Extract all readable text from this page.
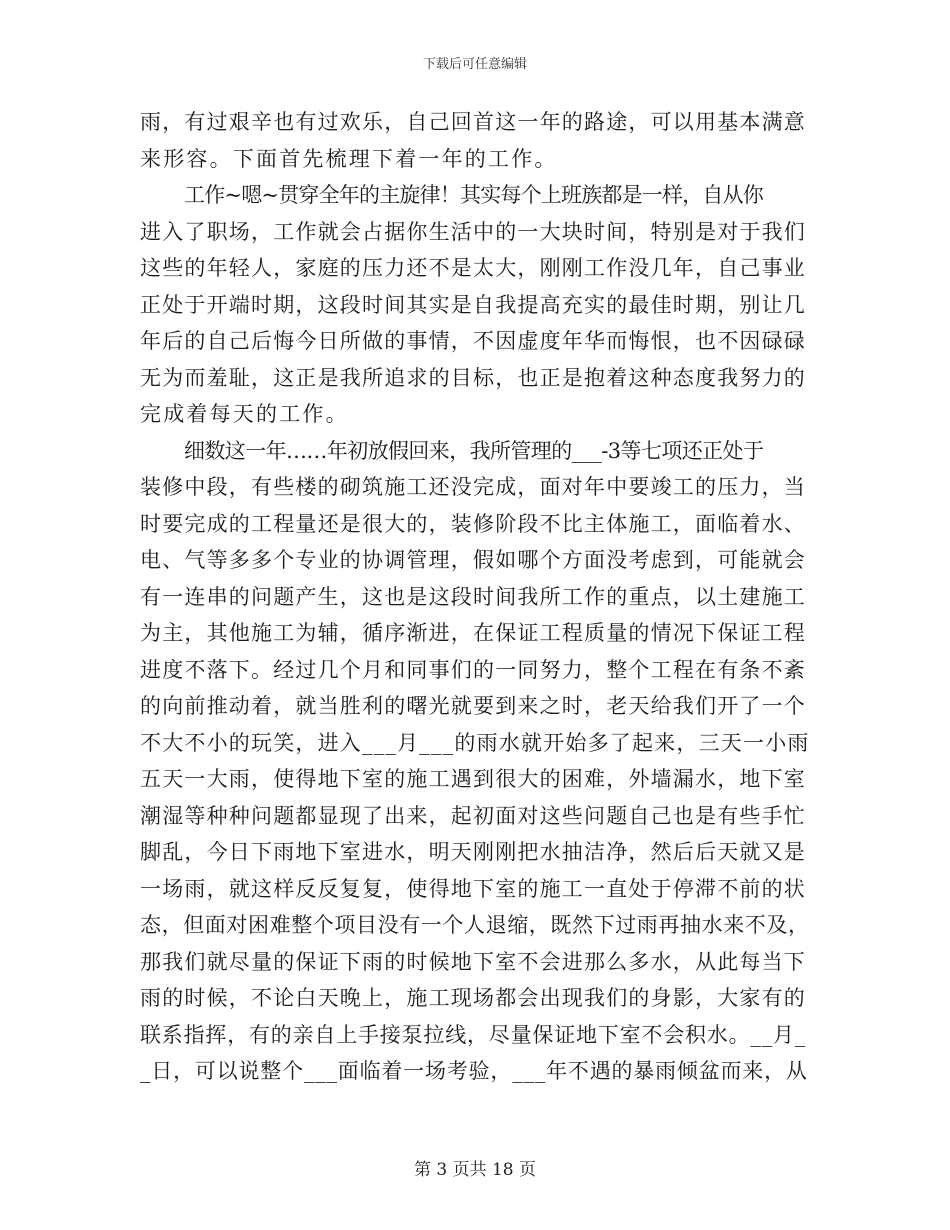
下载后可任意编辑
雨，有过艰辛也有过欢乐，自己回首这一年的路途，可以用基本满意
来形容。下面首先梳理下着一年的工作。
工作~嗯~贯穿全年的主旋律！其实每个上班族都是一样，自从你
进入了职场，工作就会占据你生活中的一大块时间，特别是对于我们
这些的年轻人，家庭的压力还不是太大，刚刚工作没几年，自己事业
正处于开端时期，这段时间其实是自我提高充实的最佳时期，别让几
年后的自己后悔今日所做的事情，不因虚度年华而悔恨，也不因碌碌
无为而羞耻，这正是我所追求的目标，也正是抱着这种态度我努力的
完成着每天的工作。
细数这一年……年初放假回来，我所管理的___-3等七项还正处于
装修中段，有些楼的砌筑施工还没完成，面对年中要竣工的压力，当
时要完成的工程量还是很大的，装修阶段不比主体施工，面临着水、
电、气等多多个专业的协调管理，假如哪个方面没考虑到，可能就会
有一连串的问题产生，这也是这段时间我所工作的重点，以土建施工
为主，其他施工为辅，循序渐进，在保证工程质量的情况下保证工程
进度不落下。经过几个月和同事们的一同努力，整个工程在有条不紊
的向前推动着，就当胜利的曙光就要到来之时，老天给我们开了一个
不大不小的玩笑，进入___月___的雨水就开始多了起来，三天一小雨
五天一大雨，使得地下室的施工遇到很大的困难，外墙漏水，地下室
潮湿等种种问题都显现了出来，起初面对这些问题自己也是有些手忙
脚乱，今日下雨地下室进水，明天刚刚把水抽洁净，然后后天就又是
一场雨，就这样反反复复，使得地下室的施工一直处于停滞不前的状
态，但面对困难整个项目没有一个人退缩，既然下过雨再抽水来不及，
那我们就尽量的保证下雨的时候地下室不会进那么多水，从此每当下
雨的时候，不论白天晚上，施工现场都会出现我们的身影，大家有的
联系指挥，有的亲自上手接泵拉线，尽量保证地下室不会积水。__月_
_日，可以说整个___面临着一场考验，___年不遇的暴雨倾盆而来，从
第 3 页共 18 页
